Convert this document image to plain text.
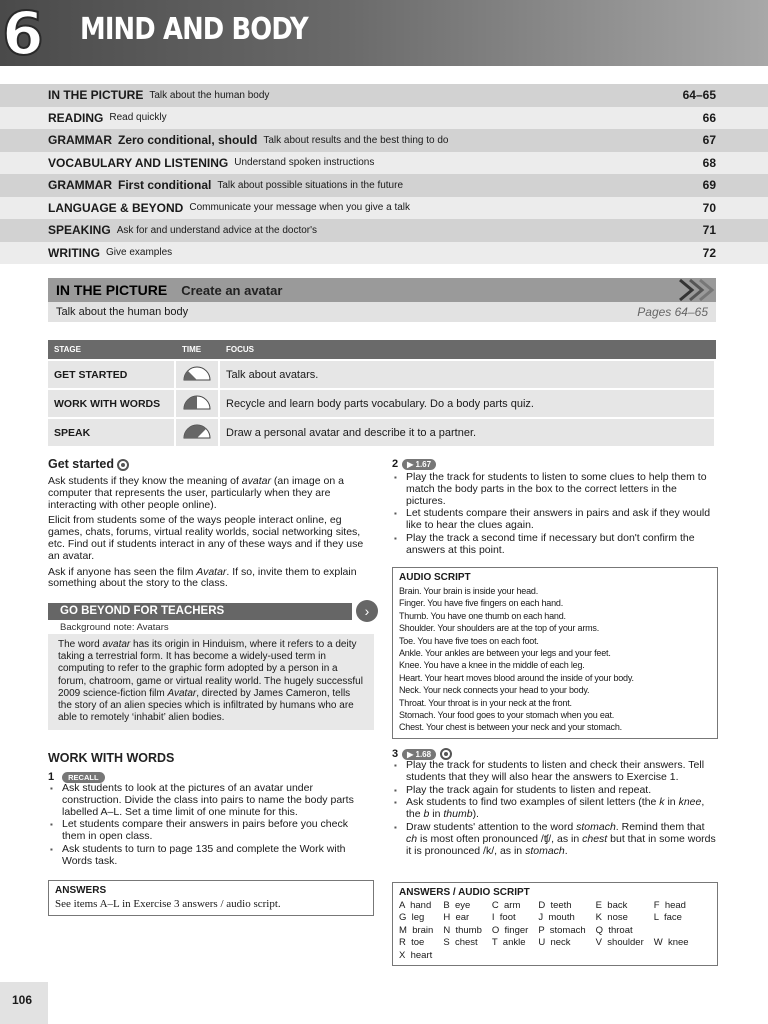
6 MIND AND BODY
IN THE PICTURE Talk about the human body	64–65
READING Read quickly	66
GRAMMAR Zero conditional, should Talk about results and the best thing to do	67
VOCABULARY AND LISTENING Understand spoken instructions	68
GRAMMAR First conditional Talk about possible situations in the future	69
LANGUAGE & BEYOND Communicate your message when you give a talk	70
SPEAKING Ask for and understand advice at the doctor's	71
WRITING Give examples	72
IN THE PICTURE Create an avatar
Talk about the human body	Pages 64–65
STAGE	TIME	FOCUS
GET STARTED		Talk about avatars.
WORK WITH WORDS		Recycle and learn body parts vocabulary. Do a body parts quiz.
SPEAK		Draw a personal avatar and describe it to a partner.
Get started

Ask students if they know the meaning of avatar (an image on a computer that represents the user, particularly when they are interacting with other people online).

Elicit from students some of the ways people interact online, eg games, chats, forums, virtual reality worlds, social networking sites, etc. Find out if students interact in any of these ways and if they use an avatar.

Ask if anyone has seen the film Avatar. If so, invite them to explain something about the story to the class.

GO BEYOND FOR TEACHERS	›
Background note: Avatars
The word avatar has its origin in Hinduism, where it refers to a deity taking a terrestrial form. It has become a widely-used term in computing to refer to the graphic form adopted by a person in a forum, chatroom, game or virtual reality world. The hugely successful 2009 science-fiction film Avatar, directed by James Cameron, tells the story of an alien species which is infiltrated by humans who are able to remotely ‘inhabit’ alien bodies.
WORK WITH WORDS
1	RECALL
▪ Ask students to look at the pictures of an avatar under construction. Divide the class into pairs to name the body parts labelled A–L. Set a time limit of one minute for this.
▪ Let students compare their answers in pairs before you check them in open class.
▪ Ask students to turn to page 135 and complete the Work with Words task.
ANSWERS

See items A–L in Exercise 3 answers / audio script.

2	▶ 1.67
▪ Play the track for students to listen to some clues to help them to match the body parts in the box to the correct letters in the pictures.
▪ Let students compare their answers in pairs and ask if they would like to hear the clues again.
▪ Play the track a second time if necessary but don't confirm the answers at this point.
AUDIO SCRIPT

Brain. Your brain is inside your head.

Finger. You have five fingers on each hand.

Thumb. You have one thumb on each hand.

Shoulder. Your shoulders are at the top of your arms.

Toe. You have five toes on each foot.

Ankle. Your ankles are between your legs and your feet.

Knee. You have a knee in the middle of each leg.

Heart. Your heart moves blood around the inside of your body.

Neck. Your neck connects your head to your body.

Throat. Your throat is in your neck at the front.

Stomach. Your food goes to your stomach when you eat.

Chest. Your chest is between your neck and your stomach.

3	▶ 1.68
▪ Play the track for students to listen and check their answers. Tell students that they will also hear the answers to Exercise 1.
▪ Play the track again for students to listen and repeat.
▪ Ask students to find two examples of silent letters (the k in knee, the b in thumb).
▪ Draw students' attention to the word stomach. Remind them that ch is most often pronounced /ʧ/, as in chest but that in some words it is pronounced /k/, as in stomach.
ANSWERS / AUDIO SCRIPT
A  hand B  eye	C  arm	D  teeth	E  back	F  head
G  leg	H  ear	I  foot	J  mouth	K  nose	L  face
M  brain N  thumb O  finger P  stomach Q  throat
R  toe	S  chest	T  ankle U  neck	V  shoulder W  knee
X  heart
106
